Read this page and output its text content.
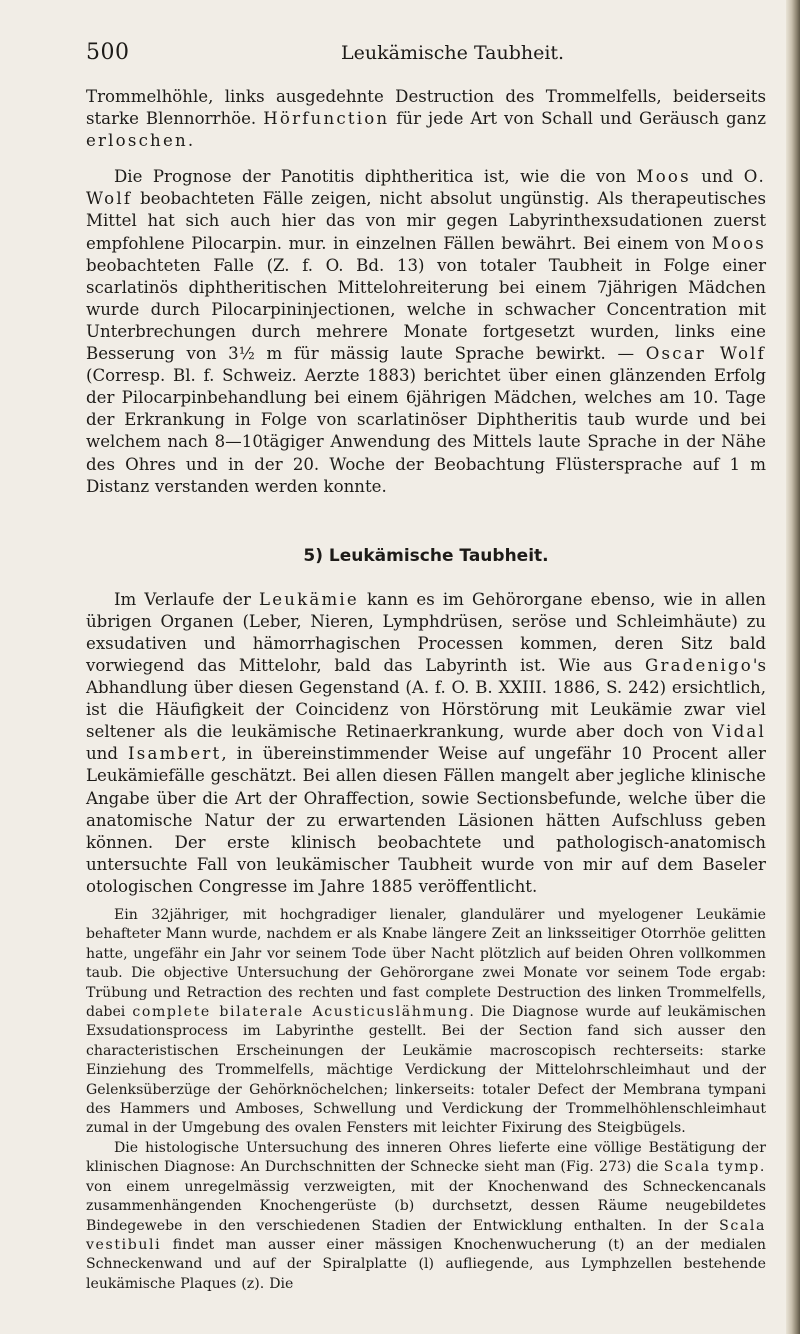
500	Leukämische Taubheit.

Trommelhöhle, links ausgedehnte Destruction des Trommelfells, beiderseits starke Blennorrhöe. Hörfunction für jede Art von Schall und Geräusch ganz erloschen.

Die Prognose der Panotitis diphtheritica ist, wie die von Moos und O. Wolf beobachteten Fälle zeigen, nicht absolut ungünstig. Als therapeutisches Mittel hat sich auch hier das von mir gegen Labyrinthexsudationen zuerst empfohlene Pilocarpin. mur. in einzelnen Fällen bewährt. Bei einem von Moos beobachteten Falle (Z. f. O. Bd. 13) von totaler Taubheit in Folge einer scarlatinös diphtheritischen Mittelohreiterung bei einem 7jährigen Mädchen wurde durch Pilocarpininjectionen, welche in schwacher Concentration mit Unterbrechungen durch mehrere Monate fortgesetzt wurden, links eine Besserung von 3½ m für mässig laute Sprache bewirkt. — Oscar Wolf (Corresp. Bl. f. Schweiz. Aerzte 1883) berichtet über einen glänzenden Erfolg der Pilocarpinbehandlung bei einem 6jährigen Mädchen, welches am 10. Tage der Erkrankung in Folge von scarlatinöser Diphtheritis taub wurde und bei welchem nach 8—10tägiger Anwendung des Mittels laute Sprache in der Nähe des Ohres und in der 20. Woche der Beobachtung Flüstersprache auf 1 m Distanz verstanden werden konnte.

5) Leukämische Taubheit.

Im Verlaufe der Leukämie kann es im Gehörorgane ebenso, wie in allen übrigen Organen (Leber, Nieren, Lymphdrüsen, seröse und Schleimhäute) zu exsudativen und hämorrhagischen Processen kommen, deren Sitz bald vorwiegend das Mittelohr, bald das Labyrinth ist. Wie aus Gradenigo's Abhandlung über diesen Gegenstand (A. f. O. B. XXIII. 1886, S. 242) ersichtlich, ist die Häufigkeit der Coincidenz von Hörstörung mit Leukämie zwar viel seltener als die leukämische Retinaerkrankung, wurde aber doch von Vidal und Isambert, in übereinstimmender Weise auf ungefähr 10 Procent aller Leukämiefälle geschätzt. Bei allen diesen Fällen mangelt aber jegliche klinische Angabe über die Art der Ohraffection, sowie Sectionsbefunde, welche über die anatomische Natur der zu erwartenden Läsionen hätten Aufschluss geben können. Der erste klinisch beobachtete und pathologisch-anatomisch untersuchte Fall von leukämischer Taubheit wurde von mir auf dem Baseler otologischen Congresse im Jahre 1885 veröffentlicht.

Ein 32jähriger, mit hochgradiger lienaler, glandulärer und myelogener Leukämie behafteter Mann wurde, nachdem er als Knabe längere Zeit an linksseitiger Otorrhöe gelitten hatte, ungefähr ein Jahr vor seinem Tode über Nacht plötzlich auf beiden Ohren vollkommen taub. Die objective Untersuchung der Gehörorgane zwei Monate vor seinem Tode ergab: Trübung und Retraction des rechten und fast complete Destruction des linken Trommelfells, dabei complete bilaterale Acusticuslähmung. Die Diagnose wurde auf leukämischen Exsudationsprocess im Labyrinthe gestellt. Bei der Section fand sich ausser den characteristischen Erscheinungen der Leukämie macroscopisch rechterseits: starke Einziehung des Trommelfells, mächtige Verdickung der Mittelohrschleimhaut und der Gelenksüberzüge der Gehörknöchelchen; linkerseits: totaler Defect der Membrana tympani des Hammers und Amboses, Schwellung und Verdickung der Trommelhöhlenschleimhaut zumal in der Umgebung des ovalen Fensters mit leichter Fixirung des Steigbügels.

Die histologische Untersuchung des inneren Ohres lieferte eine völlige Bestätigung der klinischen Diagnose: An Durchschnitten der Schnecke sieht man (Fig. 273) die Scala tymp. von einem unregelmässig verzweigten, mit der Knochenwand des Schneckencanals zusammenhängenden Knochengerüste (b) durchsetzt, dessen Räume neugebildetes Bindegewebe in den verschiedenen Stadien der Entwicklung enthalten. In der Scala vestibuli findet man ausser einer mässigen Knochenwucherung (t) an der medialen Schneckenwand und auf der Spiralplatte (l) aufliegende, aus Lymphzellen bestehende leukämische Plaques (z). Die
